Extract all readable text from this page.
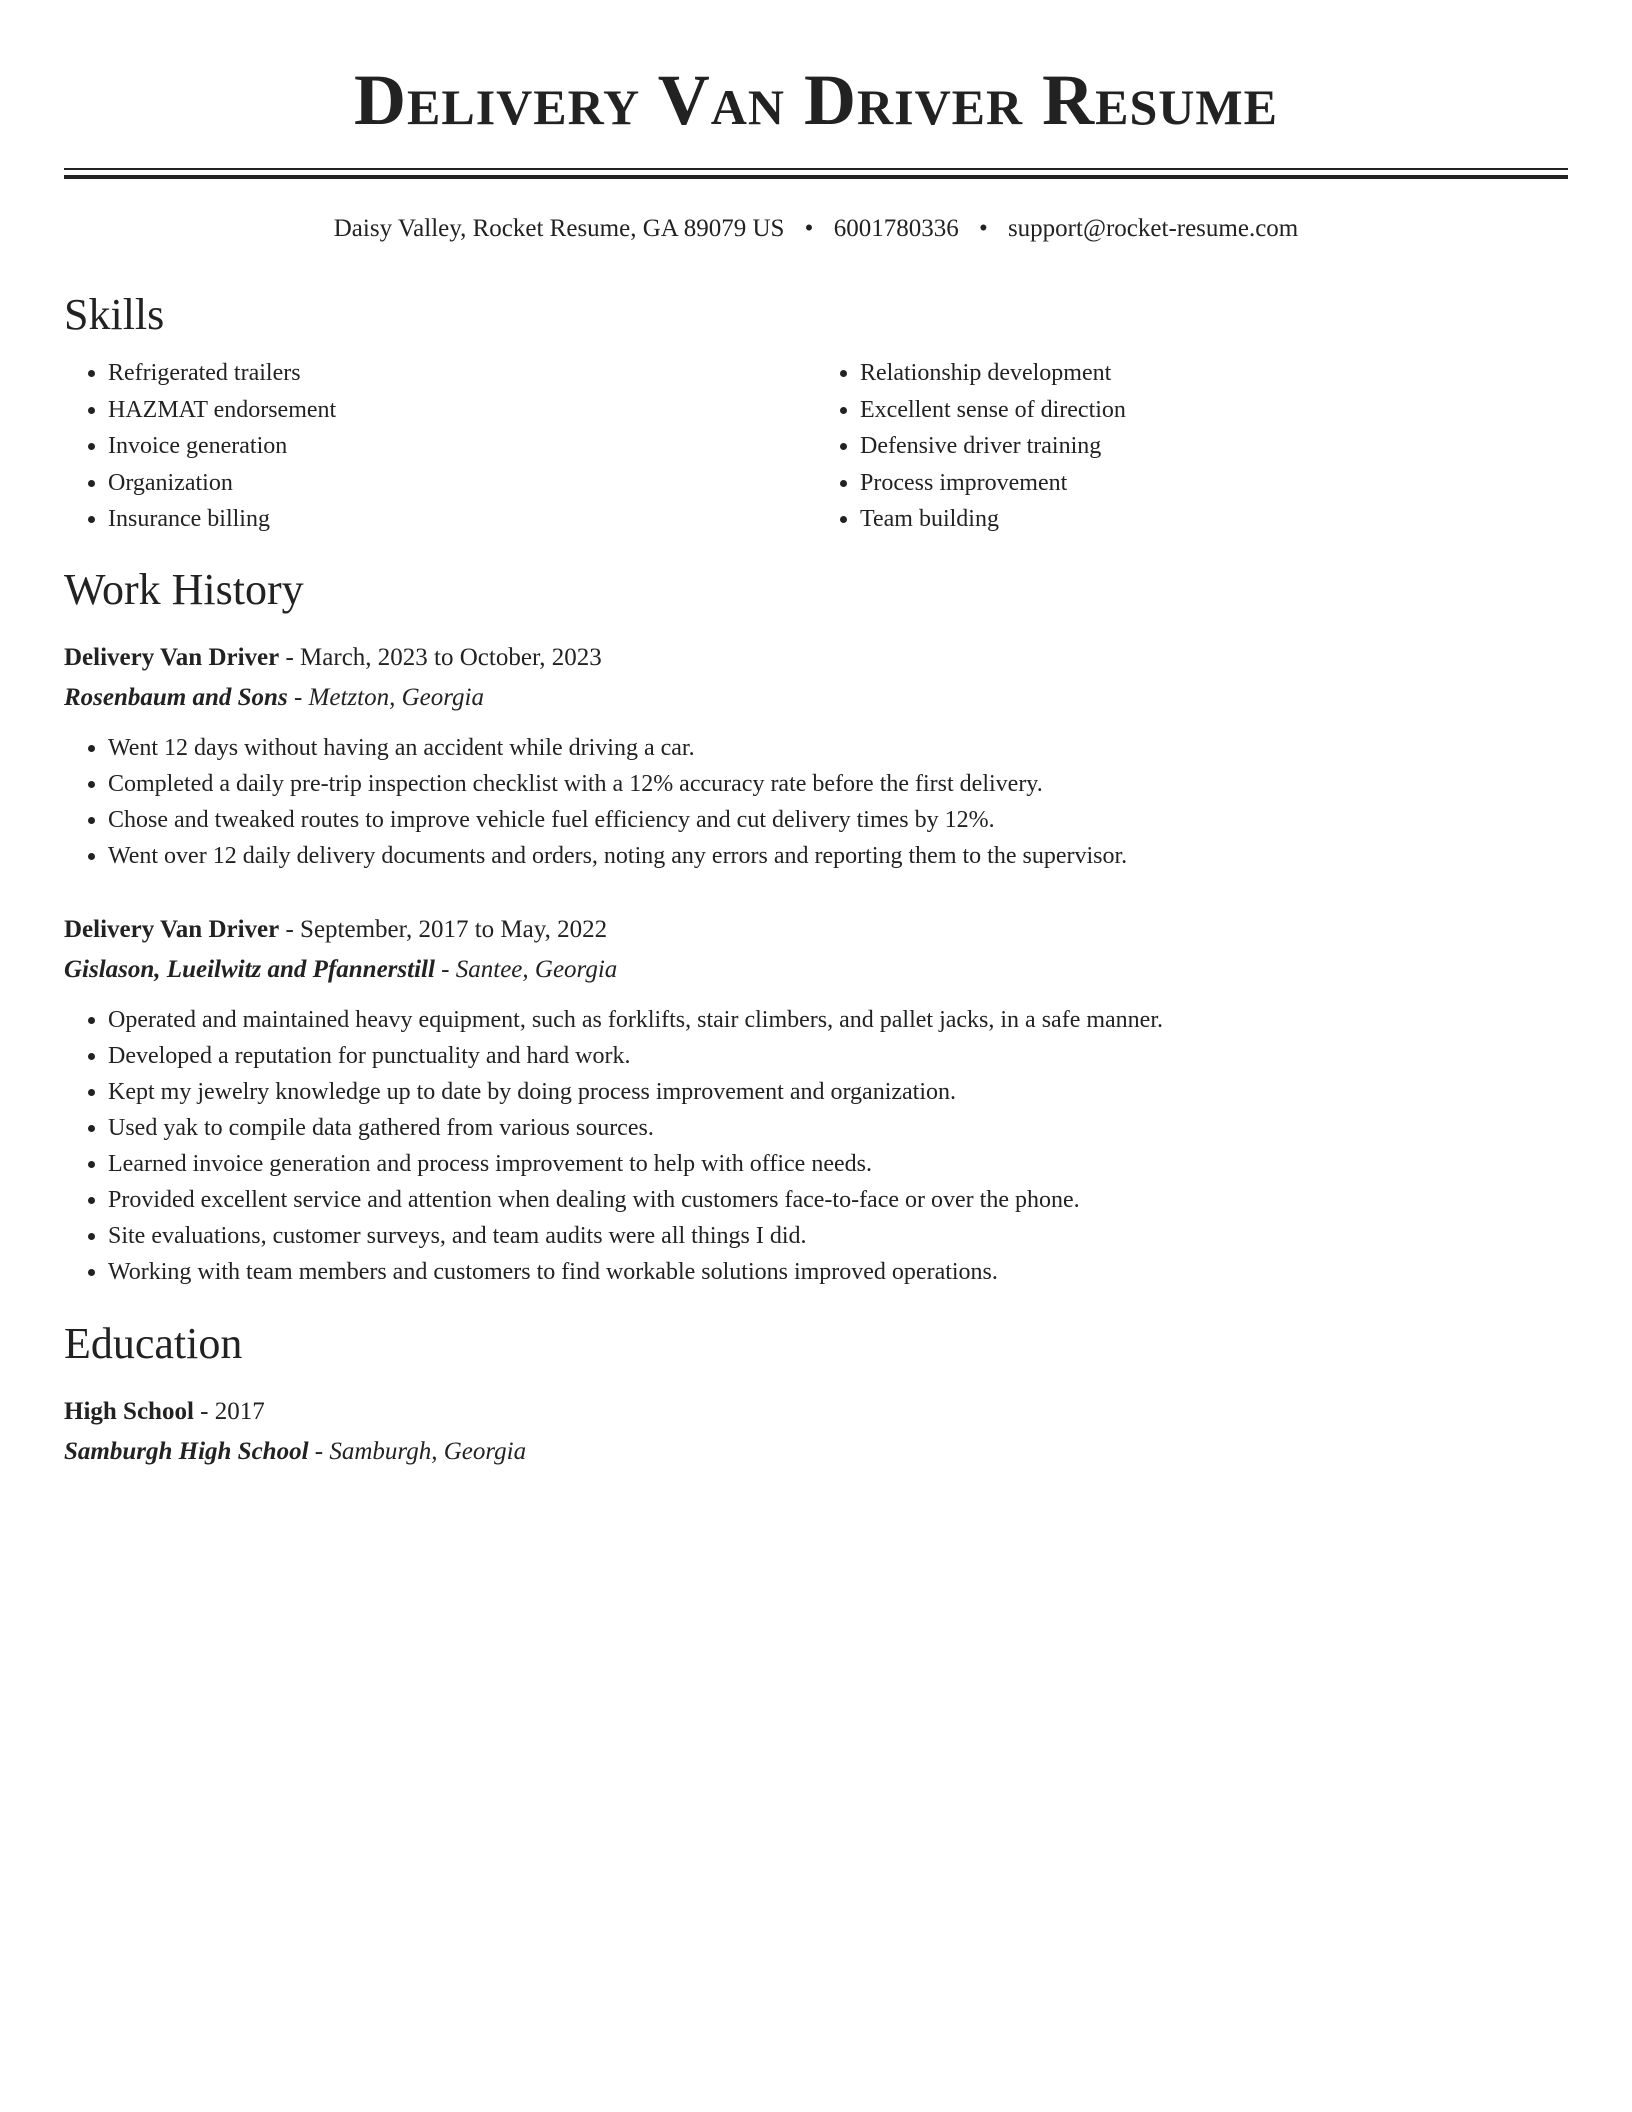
Delivery Van Driver Resume
Daisy Valley, Rocket Resume, GA 89079 US • 6001780336 • support@rocket-resume.com
Skills
• Refrigerated trailers
• HAZMAT endorsement
• Invoice generation
• Organization
• Insurance billing
• Relationship development
• Excellent sense of direction
• Defensive driver training
• Process improvement
• Team building
Work History
Delivery Van Driver - March, 2023 to October, 2023
Rosenbaum and Sons - Metzton, Georgia
• Went 12 days without having an accident while driving a car.
• Completed a daily pre-trip inspection checklist with a 12% accuracy rate before the first delivery.
• Chose and tweaked routes to improve vehicle fuel efficiency and cut delivery times by 12%.
• Went over 12 daily delivery documents and orders, noting any errors and reporting them to the supervisor.
Delivery Van Driver - September, 2017 to May, 2022
Gislason, Lueilwitz and Pfannerstill - Santee, Georgia
• Operated and maintained heavy equipment, such as forklifts, stair climbers, and pallet jacks, in a safe manner.
• Developed a reputation for punctuality and hard work.
• Kept my jewelry knowledge up to date by doing process improvement and organization.
• Used yak to compile data gathered from various sources.
• Learned invoice generation and process improvement to help with office needs.
• Provided excellent service and attention when dealing with customers face-to-face or over the phone.
• Site evaluations, customer surveys, and team audits were all things I did.
• Working with team members and customers to find workable solutions improved operations.
Education
High School - 2017
Samburgh High School - Samburgh, Georgia
